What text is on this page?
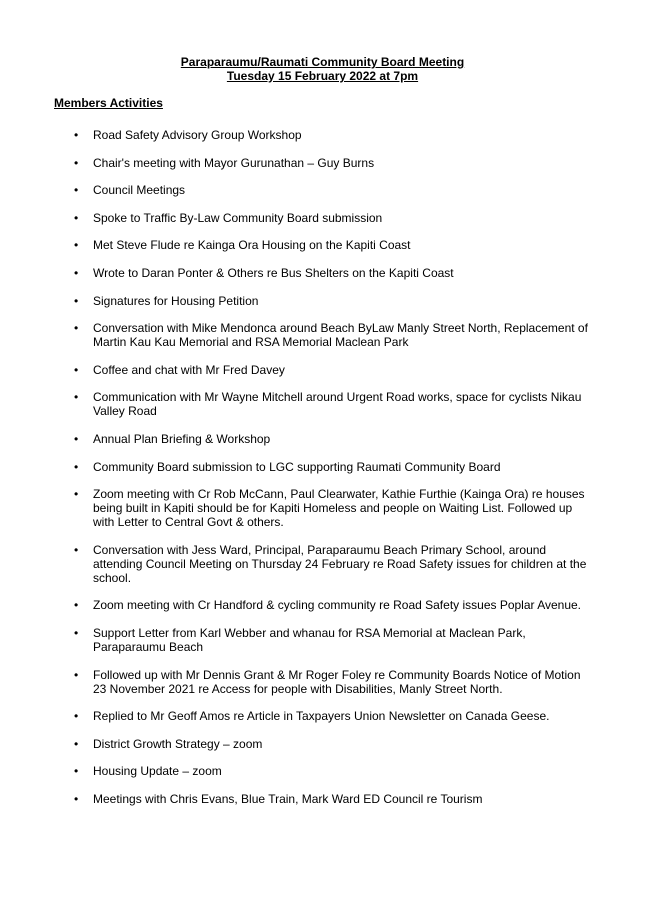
Paraparaumu/Raumati Community Board Meeting
Tuesday 15 February 2022 at 7pm
Members Activities
• Road Safety Advisory Group Workshop
• Chair's meeting with Mayor Gurunathan – Guy Burns
• Council Meetings
• Spoke to Traffic By-Law Community Board submission
• Met Steve Flude re Kainga Ora Housing on the Kapiti Coast
• Wrote to Daran Ponter & Others re Bus Shelters on the Kapiti Coast
• Signatures for Housing Petition
• Conversation with Mike Mendonca around Beach ByLaw Manly Street North, Replacement of Martin Kau Kau Memorial and RSA Memorial Maclean Park
• Coffee and chat with Mr Fred Davey
• Communication with Mr Wayne Mitchell around Urgent Road works, space for cyclists Nikau Valley Road
• Annual Plan Briefing & Workshop
• Community Board submission to LGC supporting Raumati Community Board
• Zoom meeting with Cr Rob McCann, Paul Clearwater, Kathie Furthie (Kainga Ora) re houses being built in Kapiti should be for Kapiti Homeless and people on Waiting List. Followed up with Letter to Central Govt & others.
• Conversation with Jess Ward, Principal, Paraparaumu Beach Primary School, around attending Council Meeting on Thursday 24 February re Road Safety issues for children at the school.
• Zoom meeting with Cr Handford & cycling community re Road Safety issues Poplar Avenue.
• Support Letter from Karl Webber and whanau for RSA Memorial at Maclean Park, Paraparaumu Beach
• Followed up with Mr Dennis Grant & Mr Roger Foley re Community Boards Notice of Motion 23 November 2021 re Access for people with Disabilities, Manly Street North.
• Replied to Mr Geoff Amos re Article in Taxpayers Union Newsletter on Canada Geese.
• District Growth Strategy – zoom
• Housing Update – zoom
• Meetings with Chris Evans, Blue Train, Mark Ward ED Council re Tourism
